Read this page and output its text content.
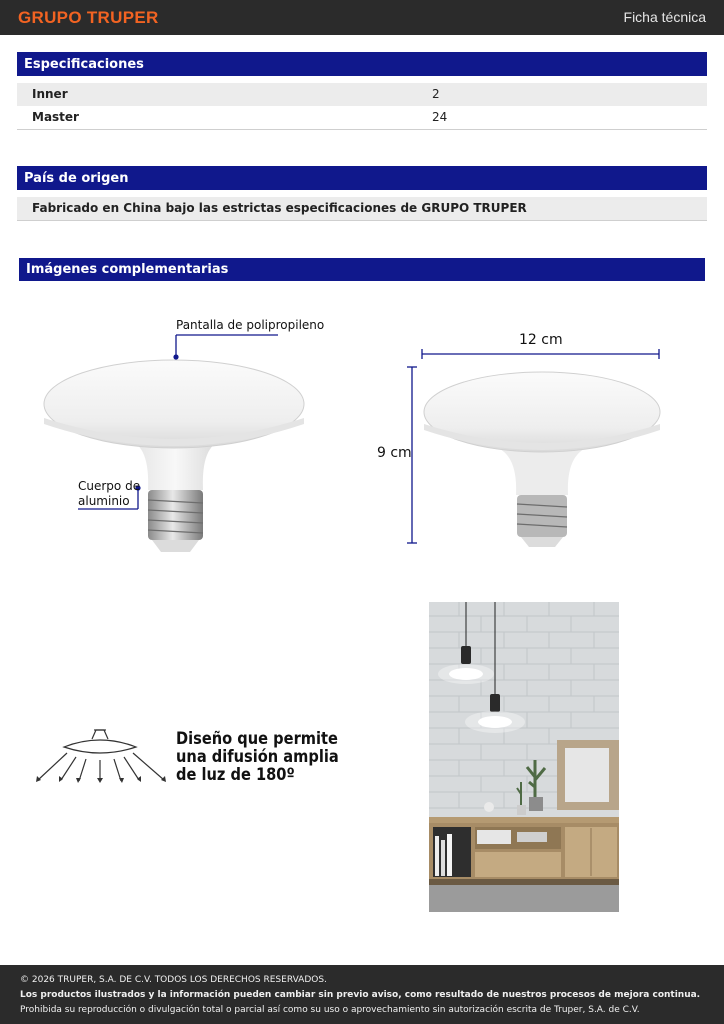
GRUPO TRUPER	Ficha técnica
Especificaciones
Inner	2
Master	24
País de origen
Fabricado en China bajo las estrictas especificaciones de GRUPO TRUPER
Imágenes complementarias
Pantalla de polipropileno
Cuerpo de
aluminio
12 cm
9 cm
Diseño que permite
una difusión amplia
de luz de 180º
© 2026 TRUPER, S.A. DE C.V. TODOS LOS DERECHOS RESERVADOS.
Los productos ilustrados y la información pueden cambiar sin previo aviso, como resultado de nuestros procesos de mejora continua.
Prohibida su reproducción o divulgación total o parcial así como su uso o aprovechamiento sin autorización escrita de Truper, S.A. de C.V.
